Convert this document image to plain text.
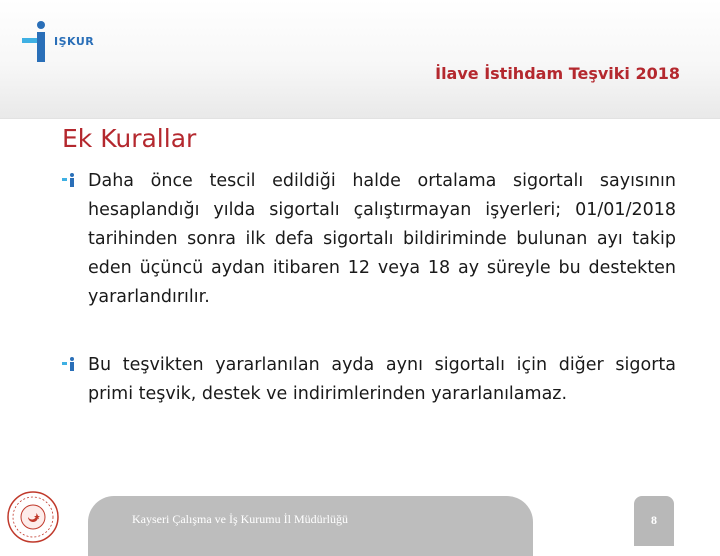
IŞKUR
İlave İstihdam Teşviki 2018
Ek Kurallar

Daha önce tescil edildiği halde ortalama sigortalı sayısının hesaplandığı yılda sigortalı çalıştırmayan işyerleri; 01/01/2018 tarihinden sonra ilk defa sigortalı bildiriminde bulunan ayı takip eden üçüncü aydan itibaren 12 veya 18 ay süreyle bu destekten yararlandırılır.

Bu teşvikten yararlanılan ayda aynı sigortalı için diğer sigorta primi teşvik, destek ve indirimlerinden yararlanılamaz.

Kayseri Çalışma ve İş Kurumu İl Müdürlüğü	8
